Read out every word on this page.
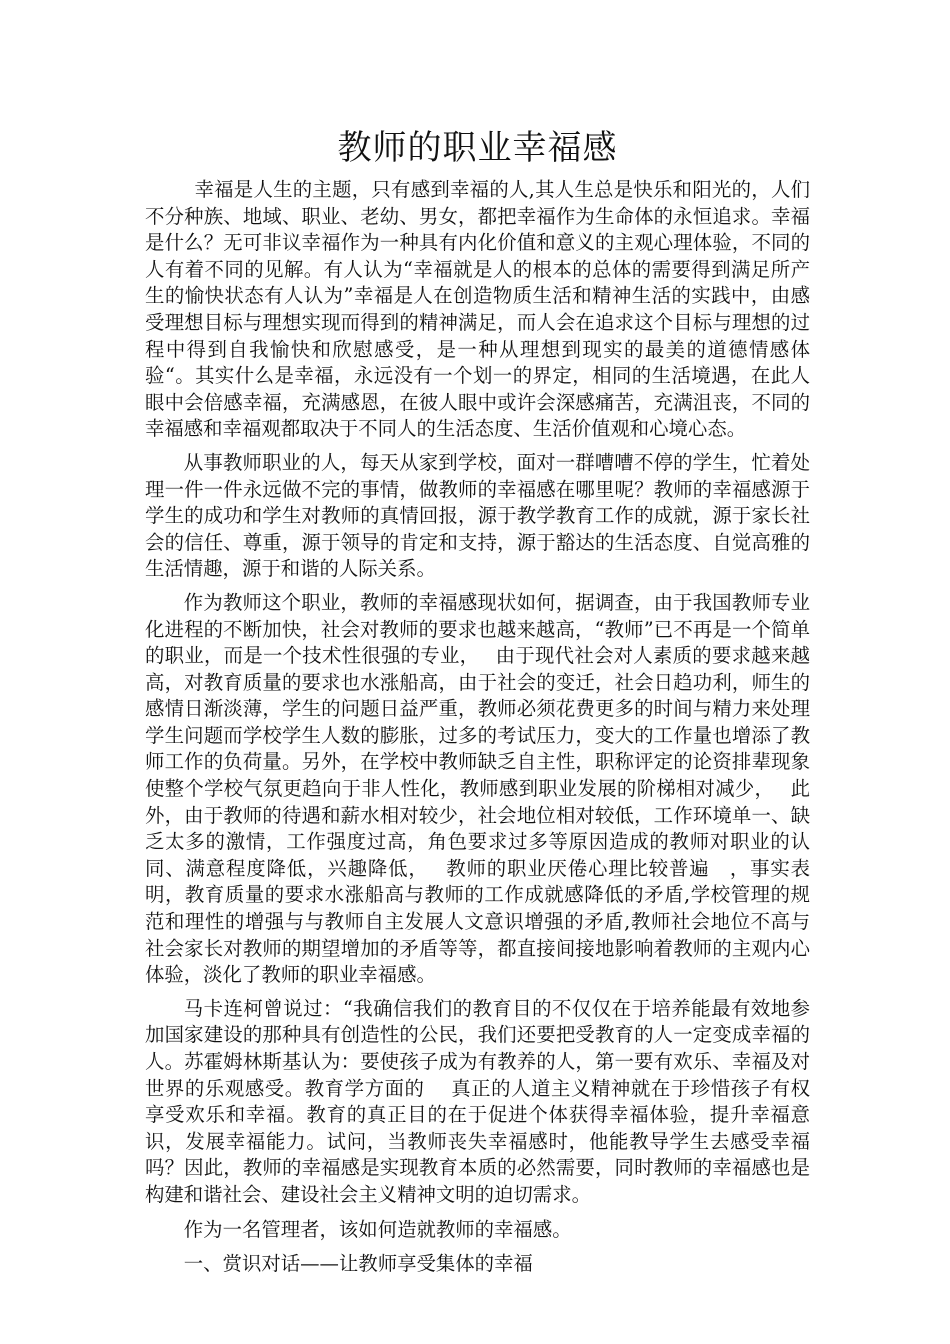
教师的职业幸福感

幸福是人生的主题，只有感到幸福的人,其人生总是快乐和阳光的，人们不分种族、地域、职业、老幼、男女，都把幸福作为生命体的永恒追求。幸福是什么？无可非议幸福作为一种具有内化价值和意义的主观心理体验，不同的人有着不同的见解。有人认为“幸福就是人的根本的总体的需要得到满足所产生的愉快状态有人认为”幸福是人在创造物质生活和精神生活的实践中，由感受理想目标与理想实现而得到的精神满足，而人会在追求这个目标与理想的过程中得到自我愉快和欣慰感受，是一种从理想到现实的最美的道德情感体验“。其实什么是幸福，永远没有一个划一的界定，相同的生活境遇，在此人眼中会倍感幸福，充满感恩，在彼人眼中或许会深感痛苦，充满沮丧，不同的幸福感和幸福观都取决于不同人的生活态度、生活价值观和心境心态。

从事教师职业的人，每天从家到学校，面对一群嘈嘈不停的学生，忙着处理一件一件永远做不完的事情，做教师的幸福感在哪里呢？教师的幸福感源于学生的成功和学生对教师的真情回报，源于教学教育工作的成就，源于家长社会的信任、尊重，源于领导的肯定和支持，源于豁达的生活态度、自觉高雅的生活情趣，源于和谐的人际关系。

作为教师这个职业，教师的幸福感现状如何，据调查，由于我国教师专业化进程的不断加快，社会对教师的要求也越来越高，“教师”已不再是一个简单的职业，而是一个技术性很强的专业，　 由于现代社会对人素质的要求越来越高，对教育质量的要求也水涨船高，由于社会的变迁，社会日趋功利，师生的感情日渐淡薄，学生的问题日益严重，教师必须花费更多的时间与精力来处理学生问题而学校学生人数的膨胀，过多的考试压力，变大的工作量也增添了教师工作的负荷量。另外，在学校中教师缺乏自主性，职称评定的论资排辈现象使整个学校气氛更趋向于非人性化，教师感到职业发展的阶梯相对减少，　 此外，由于教师的待遇和薪水相对较少，社会地位相对较低，工作环境单一、缺乏太多的激情，工作强度过高，角色要求过多等原因造成的教师对职业的认同、满意程度降低，兴趣降低，　 教师的职业厌倦心理比较普遍　，事实表明，教育质量的要求水涨船高与教师的工作成就感降低的矛盾,学校管理的规范和理性的增强与与教师自主发展人文意识增强的矛盾,教师社会地位不高与社会家长对教师的期望增加的矛盾等等，都直接间接地影响着教师的主观内心体验，淡化了教师的职业幸福感。

马卡连柯曾说过：“我确信我们的教育目的不仅仅在于培养能最有效地参加国家建设的那种具有创造性的公民，我们还要把受教育的人一定变成幸福的人。苏霍姆林斯基认为：要使孩子成为有教养的人，第一要有欢乐、幸福及对世界的乐观感受。教育学方面的　 真正的人道主义精神就在于珍惜孩子有权享受欢乐和幸福。教育的真正目的在于促进个体获得幸福体验，提升幸福意识，发展幸福能力。试问，当教师丧失幸福感时，他能教导学生去感受幸福吗？因此，教师的幸福感是实现教育本质的必然需要，同时教师的幸福感也是构建和谐社会、建设社会主义精神文明的迫切需求。

作为一名管理者，该如何造就教师的幸福感。

一、赏识对话——让教师享受集体的幸福
